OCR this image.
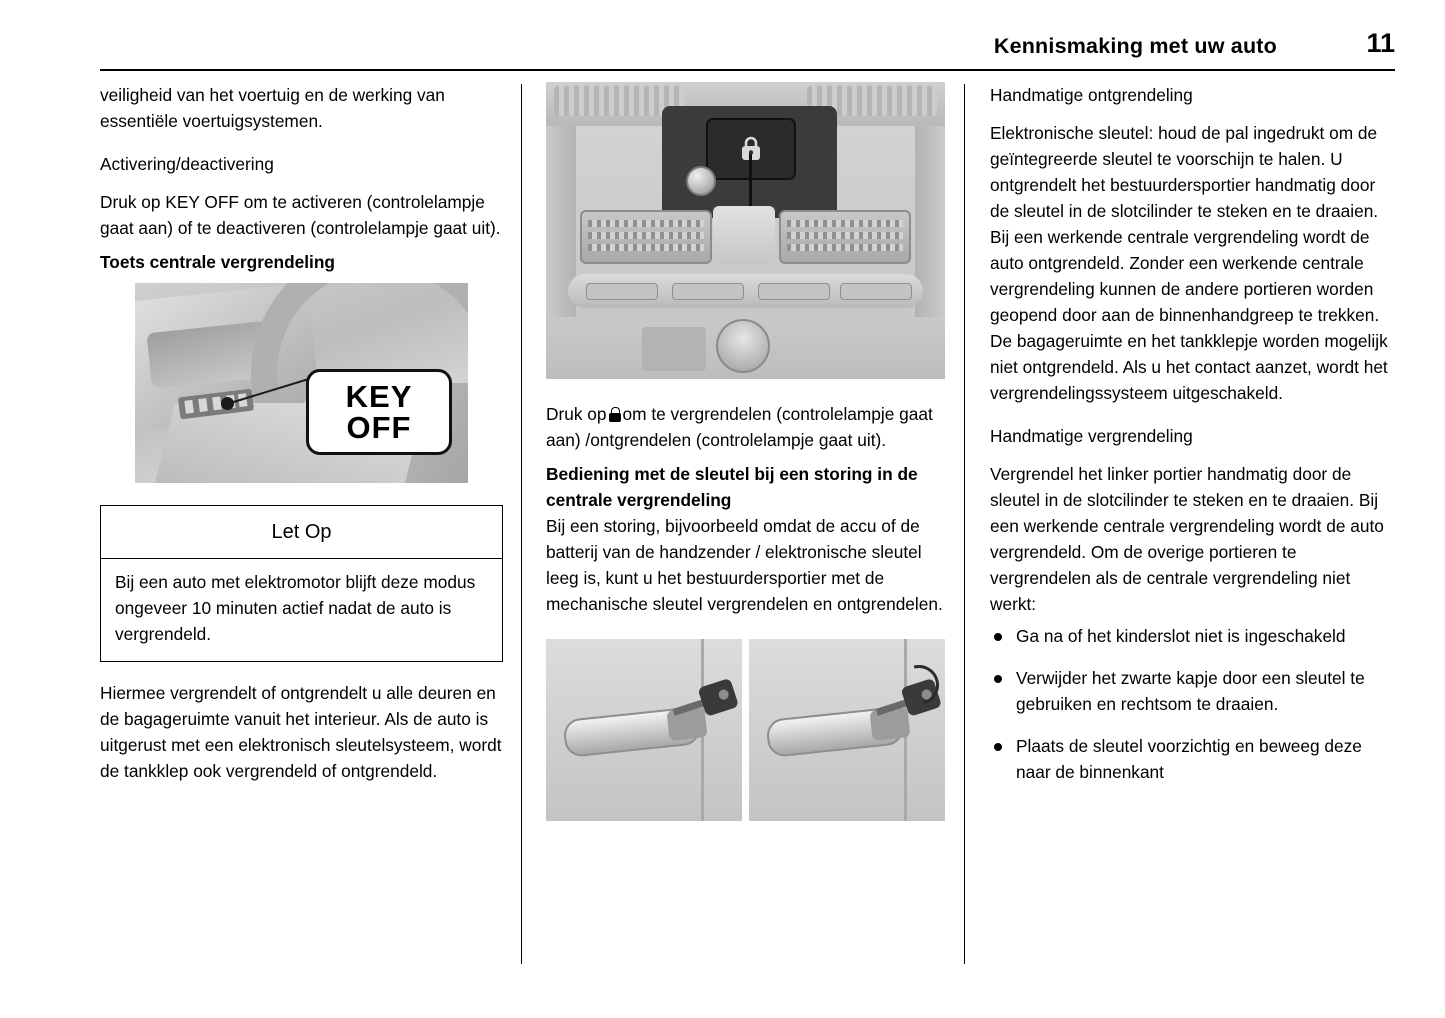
Kennismaking met uw auto	11

veiligheid van het voertuig en de werking van essentiële voertuigsystemen.

Activering/deactivering

Druk op KEY OFF om te activeren (controlelampje gaat aan) of te deactiveren (controlelampje gaat uit).

Toets centrale vergrendeling

KEY
OFF
Let Op
Bij een auto met elektromotor blijft deze modus ongeveer 10 minuten actief nadat de auto is vergrendeld.

Hiermee vergrendelt of ontgrendelt u alle deuren en de bagageruimte vanuit het interieur. Als de auto is uitgerust met een elektronisch sleutelsysteem, wordt de tankklep ook vergrendeld of ontgrendeld.

Druk op om te vergrendelen (controlelampje gaat aan) /ontgrendelen (controlelampje gaat uit).

Bediening met de sleutel bij een storing in de centrale vergrendeling

Bij een storing, bijvoorbeeld omdat de accu of de batterij van de handzender / elektronische sleutel leeg is, kunt u het bestuurdersportier met de mechanische sleutel vergrendelen en ontgrendelen.

Handmatige ontgrendeling

Elektronische sleutel: houd de pal ingedrukt om de geïntegreerde sleutel te voorschijn te halen. U ontgrendelt het bestuurdersportier handmatig door de sleutel in de slotcilinder te steken en te draaien. Bij een werkende centrale vergrendeling wordt de auto ontgrendeld. Zonder een werkende centrale vergrendeling kunnen de andere portieren worden geopend door aan de binnenhandgreep te trekken. De bagageruimte en het tankklepje worden mogelijk niet ontgrendeld. Als u het contact aanzet, wordt het vergrendelingssysteem uitgeschakeld.

Handmatige vergrendeling

Vergrendel het linker portier handmatig door de sleutel in de slotcilinder te steken en te draaien. Bij een werkende centrale vergrendeling wordt de auto vergrendeld. Om de overige portieren te vergrendelen als de centrale vergrendeling niet werkt:

Ga na of het kinderslot niet is ingeschakeld
Verwijder het zwarte kapje door een sleutel te gebruiken en rechtsom te draaien.
Plaats de sleutel voorzichtig en beweeg deze naar de binnenkant
